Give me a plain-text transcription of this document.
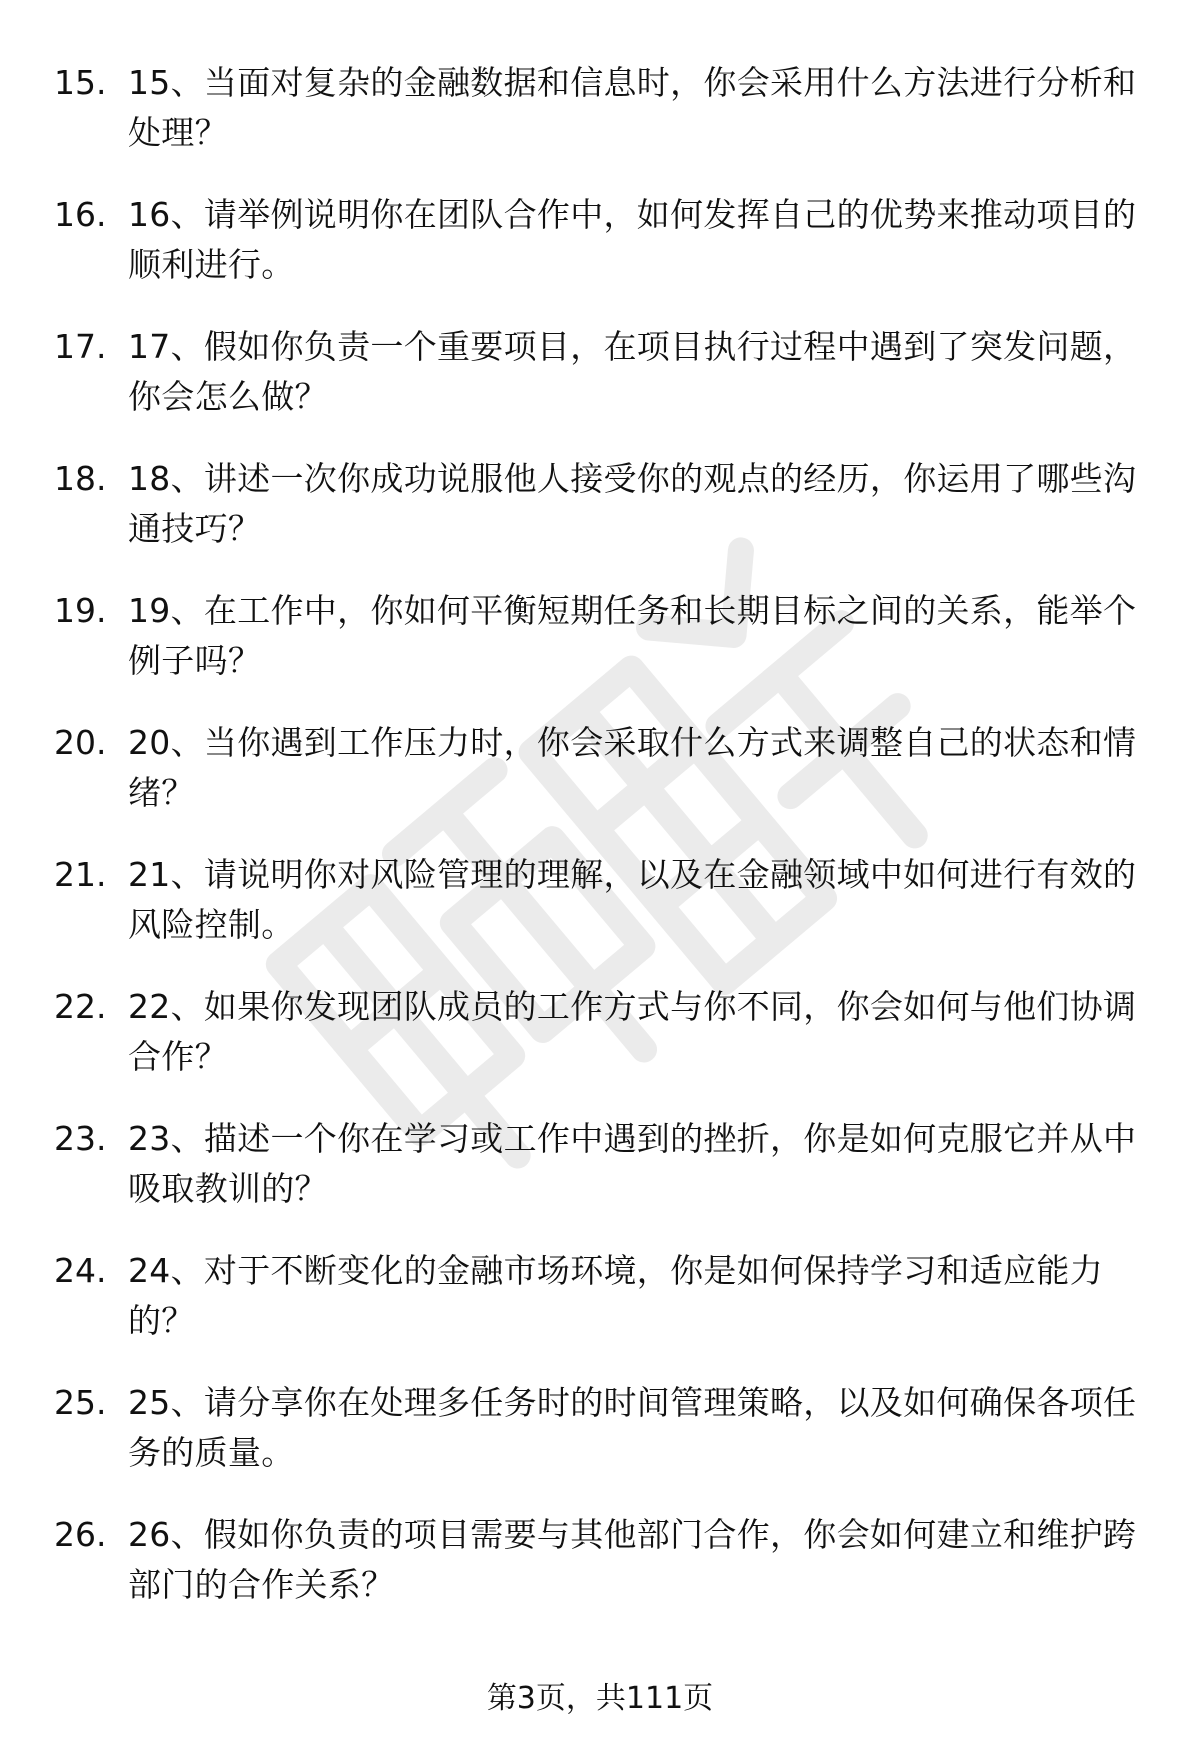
15. 15、当面对复杂的金融数据和信息时，你会采用什么方法进行分析和处理？
16. 16、请举例说明你在团队合作中，如何发挥自己的优势来推动项目的顺利进行。
17. 17、假如你负责一个重要项目，在项目执行过程中遇到了突发问题，你会怎么做？
18. 18、讲述一次你成功说服他人接受你的观点的经历，你运用了哪些沟通技巧？
19. 19、在工作中，你如何平衡短期任务和长期目标之间的关系，能举个例子吗？
20. 20、当你遇到工作压力时，你会采取什么方式来调整自己的状态和情绪？
21. 21、请说明你对风险管理的理解，以及在金融领域中如何进行有效的风险控制。
22. 22、如果你发现团队成员的工作方式与你不同，你会如何与他们协调合作？
23. 23、描述一个你在学习或工作中遇到的挫折，你是如何克服它并从中吸取教训的？
24. 24、对于不断变化的金融市场环境，你是如何保持学习和适应能力的？
25. 25、请分享你在处理多任务时的时间管理策略，以及如何确保各项任务的质量。
26. 26、假如你负责的项目需要与其他部门合作，你会如何建立和维护跨部门的合作关系？
第3页，共111页
